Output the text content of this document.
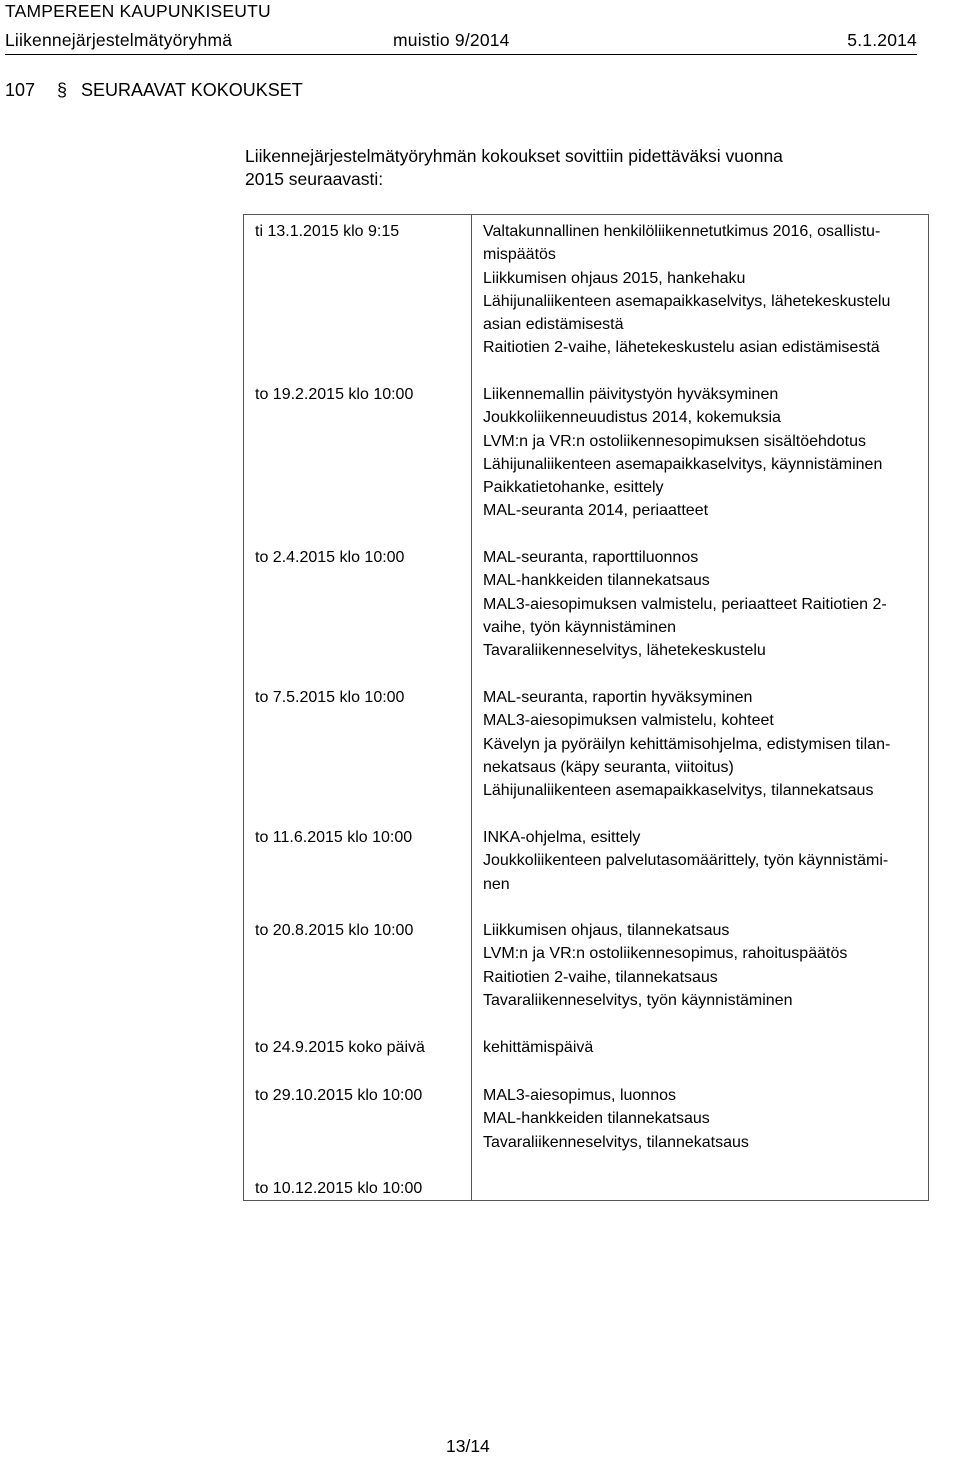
TAMPEREEN KAUPUNKISEUTU
Liikennejärjestelmätyöryhmä	muistio 9/2014	5.1.2014
107	§ SEURAAVAT KOKOUKSET
Liikennejärjestelmätyöryhmän kokoukset sovittiin pidettäväksi vuonna
2015 seuraavasti:
ti 13.1.2015 klo 9:15	Valtakunnallinen henkilöliikennetutkimus 2016, osallistu-
mispäätös
Liikkumisen ohjaus 2015, hankehaku
Lähijunaliikenteen asemapaikkaselvitys, lähetekeskustelu
asian edistämisestä
Raitiotien 2-vaihe, lähetekeskustelu asian edistämisestä
to 19.2.2015 klo 10:00	Liikennemallin päivitystyön hyväksyminen
Joukkoliikenneuudistus 2014, kokemuksia
LVM:n ja VR:n ostoliikennesopimuksen sisältöehdotus
Lähijunaliikenteen asemapaikkaselvitys, käynnistäminen
Paikkatietohanke, esittely
MAL-seuranta 2014, periaatteet
to 2.4.2015 klo 10:00	MAL-seuranta, raporttiluonnos
MAL-hankkeiden tilannekatsaus
MAL3-aiesopimuksen valmistelu, periaatteet Raitiotien 2-
vaihe, työn käynnistäminen
Tavaraliikenneselvitys, lähetekeskustelu
to 7.5.2015 klo 10:00	MAL-seuranta, raportin hyväksyminen
MAL3-aiesopimuksen valmistelu, kohteet
Kävelyn ja pyöräilyn kehittämisohjelma, edistymisen tilan-
nekatsaus (käpy seuranta, viitoitus)
Lähijunaliikenteen asemapaikkaselvitys, tilannekatsaus
to 11.6.2015 klo 10:00	INKA-ohjelma, esittely
Joukkoliikenteen palvelutasomäärittely, työn käynnistämi-
nen
to 20.8.2015 klo 10:00	Liikkumisen ohjaus, tilannekatsaus
LVM:n ja VR:n ostoliikennesopimus, rahoituspäätös
Raitiotien 2-vaihe, tilannekatsaus
Tavaraliikenneselvitys, työn käynnistäminen
to 24.9.2015 koko päivä	kehittämispäivä
to 29.10.2015 klo 10:00	MAL3-aiesopimus, luonnos
MAL-hankkeiden tilannekatsaus
Tavaraliikenneselvitys, tilannekatsaus
to 10.12.2015 klo 10:00
13/14
